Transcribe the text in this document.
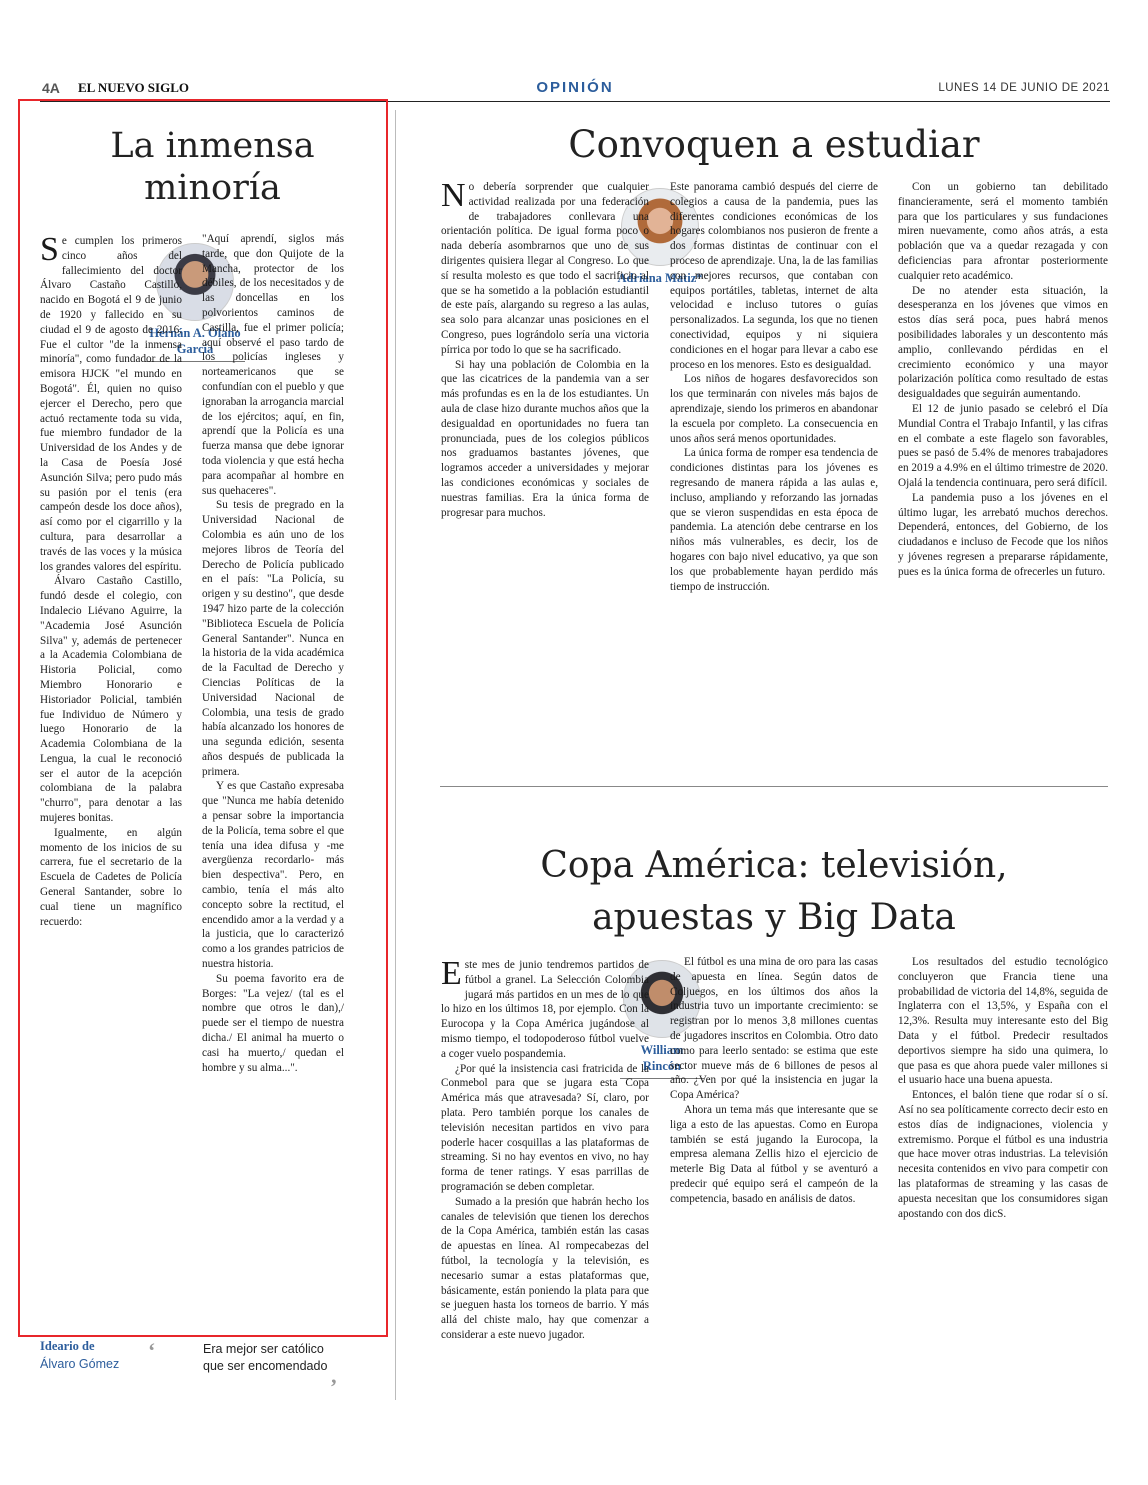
4A EL NUEVO SIGLO	OPINIÓN	LUNES 14 DE JUNIO DE 2021
La inmensa minoría
Hernán A. Olano García

Se cumplen los primeros cinco años del fallecimiento del doctor Álvaro Castaño Castillo, nacido en Bogotá el 9 de junio de 1920 y fallecido en su ciudad el 9 de agosto de 2016. Fue el cultor "de la inmensa minoría", como fundador de la emisora HJCK "el mundo en Bogotá". Él, quien no quiso ejercer el Derecho, pero que actuó rectamente toda su vida, fue miembro fundador de la Universidad de los Andes y de la Casa de Poesía José Asunción Silva; pero pudo más su pasión por el tenis (era campeón desde los doce años), así como por el cigarrillo y la cultura, para desarrollar a través de las voces y la música los grandes valores del espíritu.

Álvaro Castaño Castillo, fundó desde el colegio, con Indalecio Liévano Aguirre, la "Academia José Asunción Silva" y, además de pertenecer a la Academia Colombiana de Historia Policial, como Miembro Honorario e Historiador Policial, también fue Individuo de Número y luego Honorario de la Academia Colombiana de la Lengua, la cual le reconoció ser el autor de la acepción colombiana de la palabra "churro", para denotar a las mujeres bonitas.

Igualmente, en algún momento de los inicios de su carrera, fue el secretario de la Escuela de Cadetes de Policía General Santander, sobre lo cual tiene un magnífico recuerdo:

"Aquí aprendí, siglos más tarde, que don Quijote de la Mancha, protector de los débiles, de los necesitados y de las doncellas en los polvorientos caminos de Castilla, fue el primer policía; aquí observé el paso tardo de los policías ingleses y norteamericanos que se confundían con el pueblo y que ignoraban la arrogancia marcial de los ejércitos; aquí, en fin, aprendí que la Policía es una fuerza mansa que debe ignorar toda violencia y que está hecha para acompañar al hombre en sus quehaceres".

Su tesis de pregrado en la Universidad Nacional de Colombia es aún uno de los mejores libros de Teoría del Derecho de Policía publicado en el país: "La Policía, su origen y su destino", que desde 1947 hizo parte de la colección "Biblioteca Escuela de Policía General Santander". Nunca en la historia de la vida académica de la Facultad de Derecho y Ciencias Políticas de la Universidad Nacional de Colombia, una tesis de grado había alcanzado los honores de una segunda edición, sesenta años después de publicada la primera.

Y es que Castaño expresaba que "Nunca me había detenido a pensar sobre la importancia de la Policía, tema sobre el que tenía una idea difusa y -me avergüenza recordarlo- más bien despectiva". Pero, en cambio, tenía el más alto concepto sobre la rectitud, el encendido amor a la verdad y a la justicia, que lo caracterizó como a los grandes patricios de nuestra historia.

Su poema favorito era de Borges: "La vejez/ (tal es el nombre que otros le dan),/ puede ser el tiempo de nuestra dicha./ El animal ha muerto o casi ha muerto,/ quedan el hombre y su alma...".

Ideario de
Álvaro Gómez
‘	Era mejor ser católico que ser encomendado
’
Convoquen a estudiar
Adriana Matiz*

No debería sorprender que cualquier actividad realizada por una federación de trabajadores conllevara una orientación política. De igual forma poco o nada debería asombrarnos que uno de sus dirigentes quisiera llegar al Congreso. Lo que sí resulta molesto es que todo el sacrificio al que se ha sometido a la población estudiantil de este país, alargando su regreso a las aulas, sea solo para alcanzar unas posiciones en el Congreso, pues lográndolo sería una victoria pírrica por todo lo que se ha sacrificado.

Si hay una población de Colombia en la que las cicatrices de la pandemia van a ser más profundas es en la de los estudiantes. Un aula de clase hizo durante muchos años que la desigualdad en oportunidades no fuera tan pronunciada, pues de los colegios públicos nos graduamos bastantes jóvenes, que logramos acceder a universidades y mejorar las condiciones económicas y sociales de nuestras familias. Era la única forma de progresar para muchos.

Este panorama cambió después del cierre de colegios a causa de la pandemia, pues las diferentes condiciones económicas de los hogares colombianos nos pusieron de frente a dos formas distintas de continuar con el proceso de aprendizaje. Una, la de las familias con mejores recursos, que contaban con equipos portátiles, tabletas, internet de alta velocidad e incluso tutores o guías personalizados. La segunda, los que no tienen conectividad, equipos y ni siquiera condiciones en el hogar para llevar a cabo ese proceso en los menores. Esto es desigualdad.

Los niños de hogares desfavorecidos son los que terminarán con niveles más bajos de aprendizaje, siendo los primeros en abandonar la escuela por completo. La consecuencia en unos años será menos oportunidades.

La única forma de romper esa tendencia de condiciones distintas para los jóvenes es regresando de manera rápida a las aulas e, incluso, ampliando y reforzando las jornadas que se vieron suspendidas en esta época de pandemia. La atención debe centrarse en los niños más vulnerables, es decir, los de hogares con bajo nivel educativo, ya que son los que probablemente hayan perdido más tiempo de instrucción.

Con un gobierno tan debilitado financieramente, será el momento también para que los particulares y sus fundaciones miren nuevamente, como años atrás, a esta población que va a quedar rezagada y con deficiencias para afrontar posteriormente cualquier reto académico.

De no atender esta situación, la desesperanza en los jóvenes que vimos en estos días será poca, pues habrá menos posibilidades laborales y un descontento más amplio, conllevando pérdidas en el crecimiento económico y una mayor polarización política como resultado de estas desigualdades que seguirán aumentando.

El 12 de junio pasado se celebró el Día Mundial Contra el Trabajo Infantil, y las cifras en el combate a este flagelo son favorables, pues se pasó de 5.4% de menores trabajadores en 2019 a 4.9% en el último trimestre de 2020. Ojalá la tendencia continuara, pero será difícil.

La pandemia puso a los jóvenes en el último lugar, les arrebató muchos derechos. Dependerá, entonces, del Gobierno, de los ciudadanos e incluso de Fecode que los niños y jóvenes regresen a prepararse rápidamente, pues es la única forma de ofrecerles un futuro.

Copa América: televisión, apuestas y Big Data
William Rincón

Este mes de junio tendremos partidos de fútbol a granel. La Selección Colombia jugará más partidos en un mes de lo que lo hizo en los últimos 18, por ejemplo. Con la Eurocopa y la Copa América jugándose al mismo tiempo, el todopoderoso fútbol vuelve a coger vuelo pospandemia.

¿Por qué la insistencia casi fratricida de la Conmebol para que se jugara esta Copa América más que atravesada? Sí, claro, por plata. Pero también porque los canales de televisión necesitan partidos en vivo para poderle hacer cosquillas a las plataformas de streaming. Si no hay eventos en vivo, no hay forma de tener ratings. Y esas parrillas de programación se deben completar.

Sumado a la presión que habrán hecho los canales de televisión que tienen los derechos de la Copa América, también están las casas de apuestas en línea. Al rompecabezas del fútbol, la tecnología y la televisión, es necesario sumar a estas plataformas que, básicamente, están poniendo la plata para que se jueguen hasta los torneos de barrio. Y más allá del chiste malo, hay que comenzar a considerar a este nuevo jugador.

El fútbol es una mina de oro para las casas de apuesta en línea. Según datos de Coljuegos, en los últimos dos años la industria tuvo un importante crecimiento: se registran por lo menos 3,8 millones cuentas de jugadores inscritos en Colombia. Otro dato como para leerlo sentado: se estima que este sector mueve más de 6 billones de pesos al año. ¿Ven por qué la insistencia en jugar la Copa América?

Ahora un tema más que interesante que se liga a esto de las apuestas. Como en Europa también se está jugando la Eurocopa, la empresa alemana Zellis hizo el ejercicio de meterle Big Data al fútbol y se aventuró a predecir qué equipo será el campeón de la competencia, basado en análisis de datos.

Los resultados del estudio tecnológico concluyeron que Francia tiene una probabilidad de victoria del 14,8%, seguida de Inglaterra con el 13,5%, y España con el 12,3%. Resulta muy interesante esto del Big Data y el fútbol. Predecir resultados deportivos siempre ha sido una quimera, lo que pasa es que ahora puede valer millones si el usuario hace una buena apuesta.

Entonces, el balón tiene que rodar sí o sí. Así no sea políticamente correcto decir esto en estos días de indignaciones, violencia y extremismo. Porque el fútbol es una industria que hace mover otras industrias. La televisión necesita contenidos en vivo para competir con las plataformas de streaming y las casas de apuesta necesitan que los consumidores sigan apostando con dos dicS.
